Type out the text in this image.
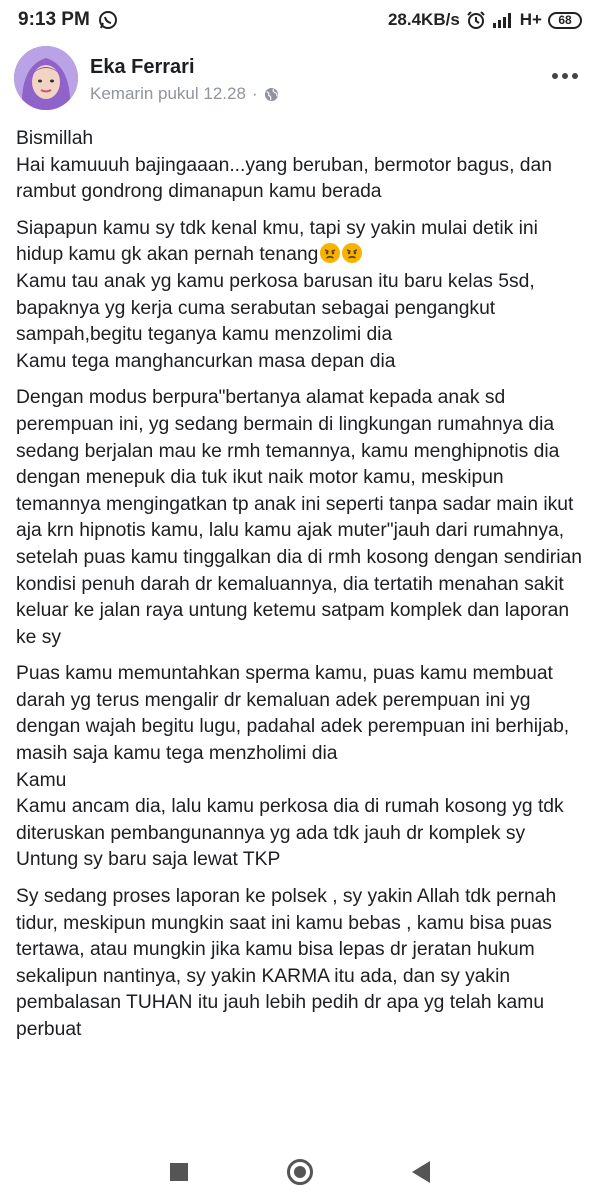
9:13 PM	28.4KB/s	H+	68
Eka Ferrari
Kemarin pukul 12.28 ·

Bismillah
Hai kamuuuh bajingaaan...yang beruban, bermotor bagus, dan rambut gondrong dimanapun kamu berada

Siapapun kamu sy tdk kenal kmu, tapi sy yakin mulai detik ini hidup kamu gk akan pernah tenang

Kamu tau anak yg kamu perkosa barusan itu baru kelas 5sd, bapaknya yg kerja cuma serabutan sebagai pengangkut sampah,begitu teganya kamu menzolimi dia
Kamu tega manghancurkan masa depan dia

Dengan modus berpura"bertanya alamat kepada anak sd perempuan ini, yg sedang bermain di lingkungan rumahnya dia sedang berjalan mau ke rmh temannya, kamu menghipnotis dia dengan menepuk dia tuk ikut naik motor kamu, meskipun temannya mengingatkan tp anak ini seperti tanpa sadar main ikut aja krn hipnotis kamu, lalu kamu ajak muter"jauh dari rumahnya, setelah puas kamu tinggalkan dia di rmh kosong dengan sendirian kondisi penuh darah dr kemaluannya, dia tertatih menahan sakit keluar ke jalan raya untung ketemu satpam komplek dan laporan ke sy

Puas kamu memuntahkan sperma kamu, puas kamu membuat darah yg terus mengalir dr kemaluan adek perempuan ini yg dengan wajah begitu lugu, padahal adek perempuan ini berhijab, masih saja kamu tega menzholimi dia
Kamu
Kamu ancam dia, lalu kamu perkosa dia di rumah kosong yg tdk diteruskan pembangunannya yg ada tdk jauh dr komplek sy
Untung sy baru saja lewat TKP

Sy sedang proses laporan ke polsek , sy yakin Allah tdk pernah tidur, meskipun mungkin saat ini kamu bebas , kamu bisa puas tertawa, atau mungkin jika kamu bisa lepas dr jeratan hukum sekalipun nantinya, sy yakin KARMA itu ada, dan sy yakin pembalasan TUHAN itu jauh lebih pedih dr apa yg telah kamu perbuat
